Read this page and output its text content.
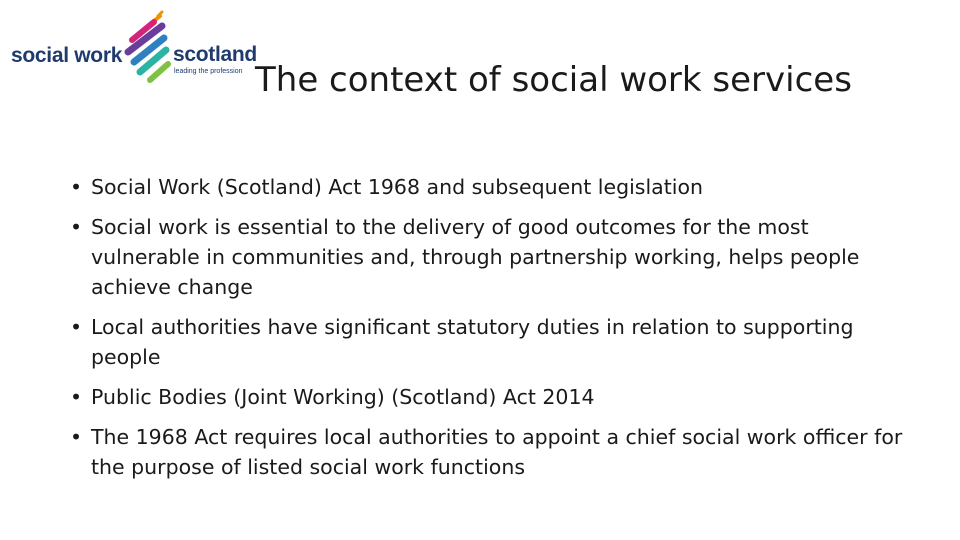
social work scotland
leading the profession The context of social work services
• Social Work (Scotland) Act 1968 and subsequent legislation
• Social work is essential to the delivery of good outcomes for the most vulnerable in communities and, through partnership working, helps people achieve change
• Local authorities have significant statutory duties in relation to supporting people
• Public Bodies (Joint Working) (Scotland) Act 2014
• The 1968 Act requires local authorities to appoint a chief social work officer for the purpose of listed social work functions
